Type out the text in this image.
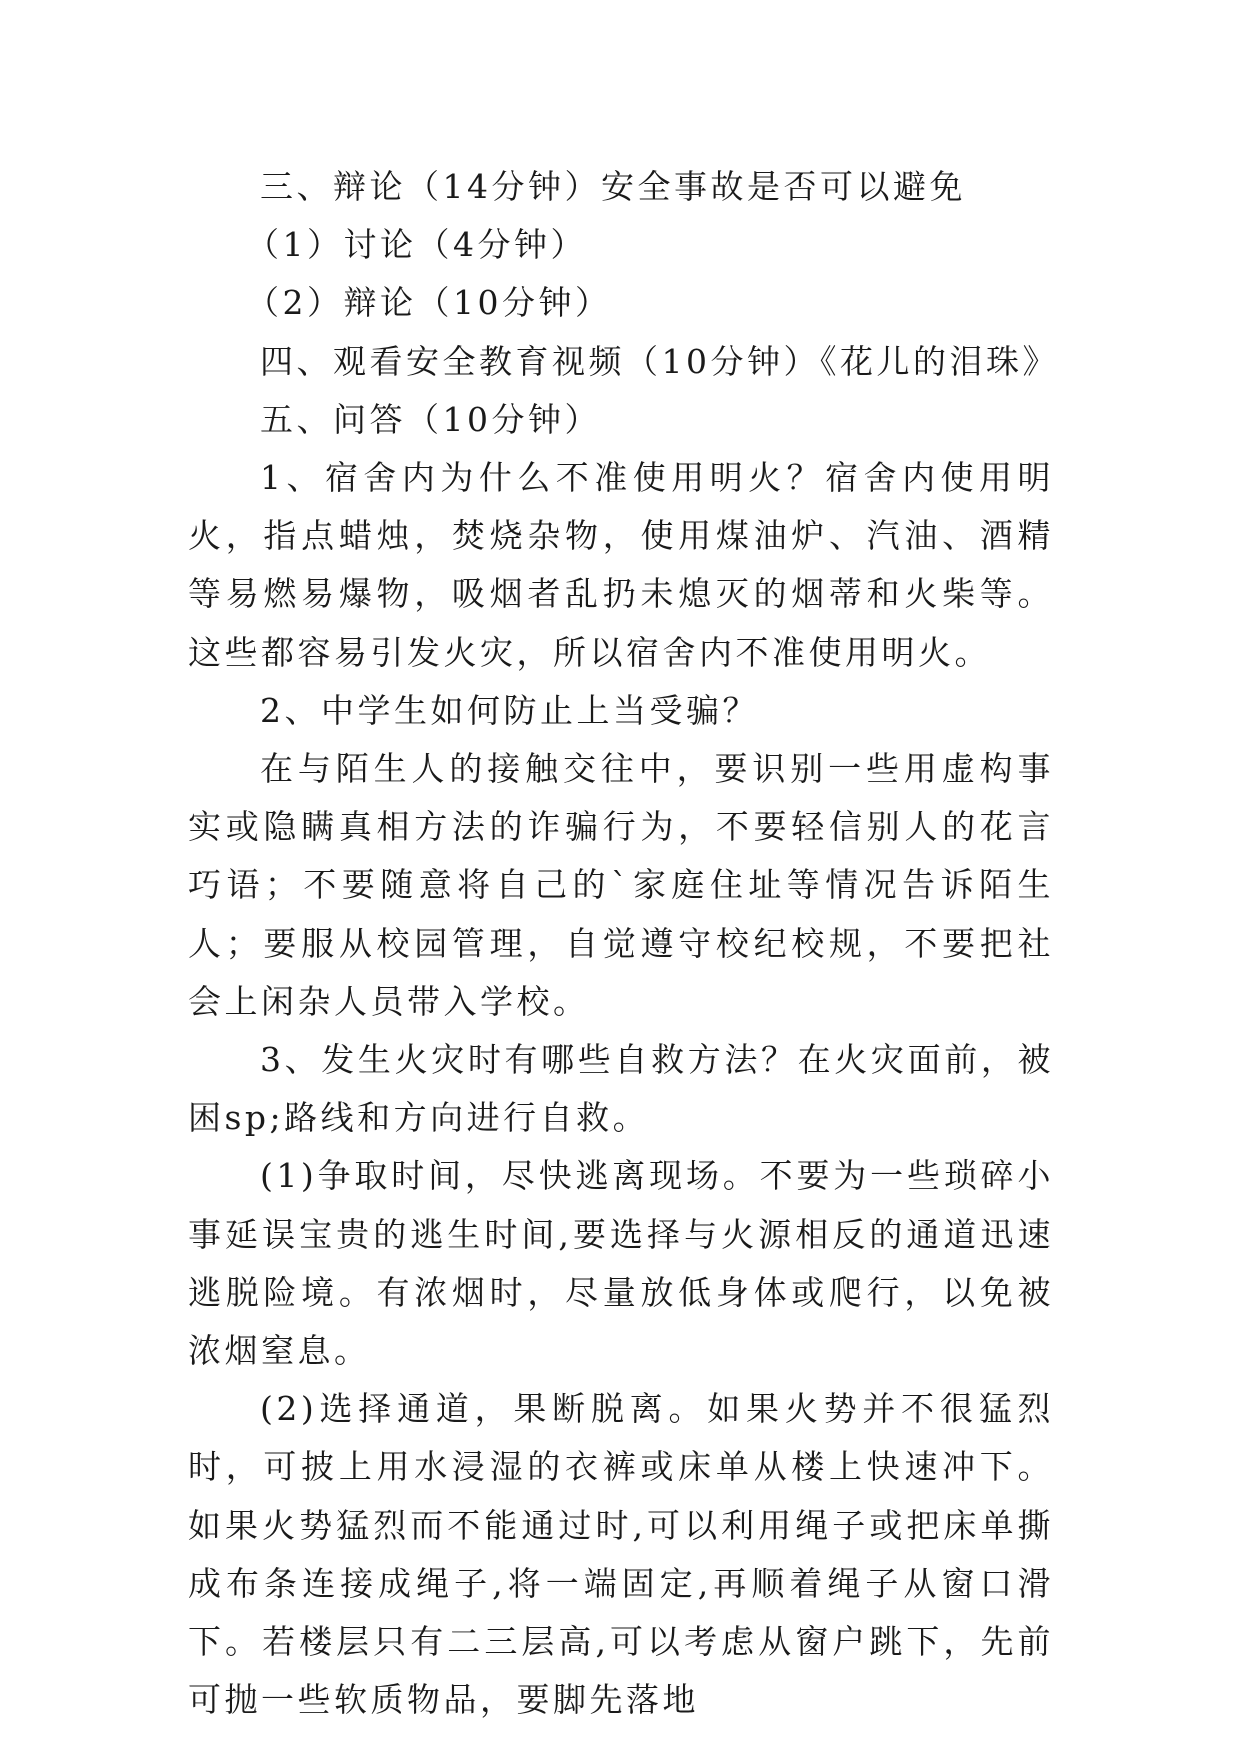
三、辩论（14分钟）安全事故是否可以避免

（1）讨论（4分钟）

（2）辩论（10分钟）

四、观看安全教育视频（10分钟）《花儿的泪珠》

五、问答（10分钟）

1、宿舍内为什么不准使用明火？宿舍内使用明火，指点蜡烛，焚烧杂物，使用煤油炉、汽油、酒精等易燃易爆物，吸烟者乱扔未熄灭的烟蒂和火柴等。这些都容易引发火灾，所以宿舍内不准使用明火。

2、中学生如何防止上当受骗？

在与陌生人的接触交往中，要识别一些用虚构事实或隐瞒真相方法的诈骗行为，不要轻信别人的花言巧语；不要随意将自己的`家庭住址等情况告诉陌生人；要服从校园管理，自觉遵守校纪校规，不要把社会上闲杂人员带入学校。

3、发生火灾时有哪些自救方法？在火灾面前，被困sp;路线和方向进行自救。

(1)争取时间，尽快逃离现场。不要为一些琐碎小事延误宝贵的逃生时间,要选择与火源相反的通道迅速逃脱险境。有浓烟时，尽量放低身体或爬行，以免被浓烟窒息。

(2)选择通道，果断脱离。如果火势并不很猛烈时，可披上用水浸湿的衣裤或床单从楼上快速冲下。如果火势猛烈而不能通过时,可以利用绳子或把床单撕成布条连接成绳子,将一端固定,再顺着绳子从窗口滑下。若楼层只有二三层高,可以考虑从窗户跳下，先前可抛一些软质物品，要脚先落地
